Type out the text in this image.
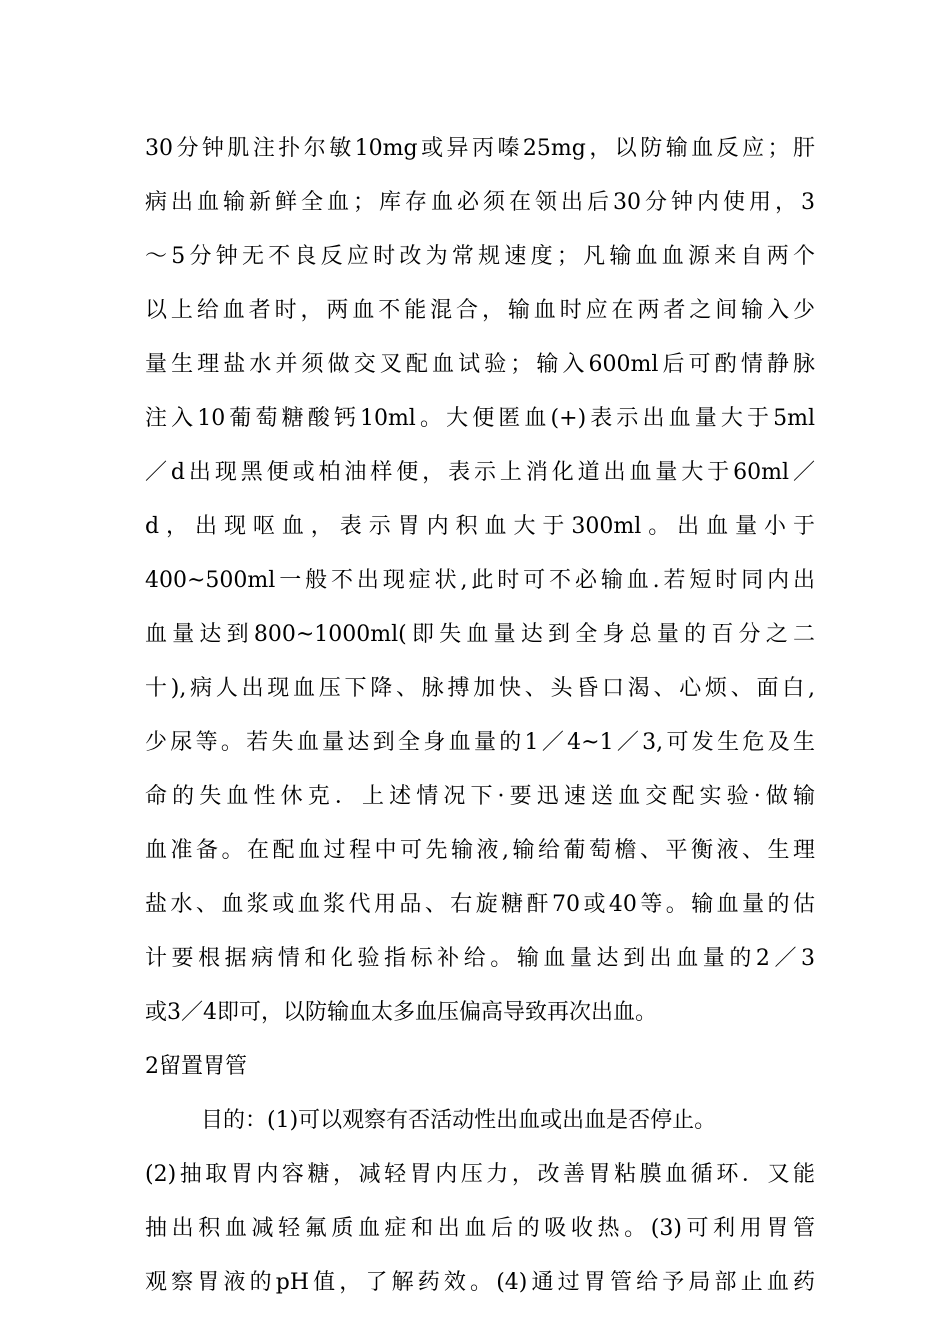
30分钟肌注扑尔敏10mg或异丙嗪25mg，以防输血反应；肝
病出血输新鲜全血；库存血必须在领出后30分钟内使用，3
～5分钟无不良反应时改为常规速度；凡输血血源来自两个
以上给血者时，两血不能混合，输血时应在两者之间输入少
量生理盐水并须做交叉配血试验；输入600ml后可酌情静脉
注入10葡萄糖酸钙10ml。大便匿血(+)表示出血量大于5ml
／d出现黑便或柏油样便，表示上消化道出血量大于60ml／
d，出现呕血，表示胃内积血大于300ml。出血量小于
400~500ml一般不出现症状,此时可不必输血.若短时同内出
血量达到800~1000ml(即失血量达到全身总量的百分之二
十),病人出现血压下降、脉搏加快、头昏口渴、心烦、面白,
少尿等。若失血量达到全身血量的1／4~1／3,可发生危及生
命的失血性休克．上述情况下·要迅速送血交配实验·做输
血准备。在配血过程中可先输液,输给葡萄檐、平衡液、生理
盐水、血浆或血浆代用品、右旋糖酐70或40等。输血量的估
计要根据病情和化验指标补给。输血量达到出血量的2／3
或3／4即可，以防输血太多血压偏高导致再次出血。
2留置胃管
目的：(1)可以观察有否活动性出血或出血是否停止。
(2)抽取胃内容糖，减轻胃内压力，改善胃粘膜血循环．又能
抽出积血减轻氟质血症和出血后的吸收热。(3)可利用胃管
观察胃液的pH值，了解药效。(4)通过胃管给予局部止血药
